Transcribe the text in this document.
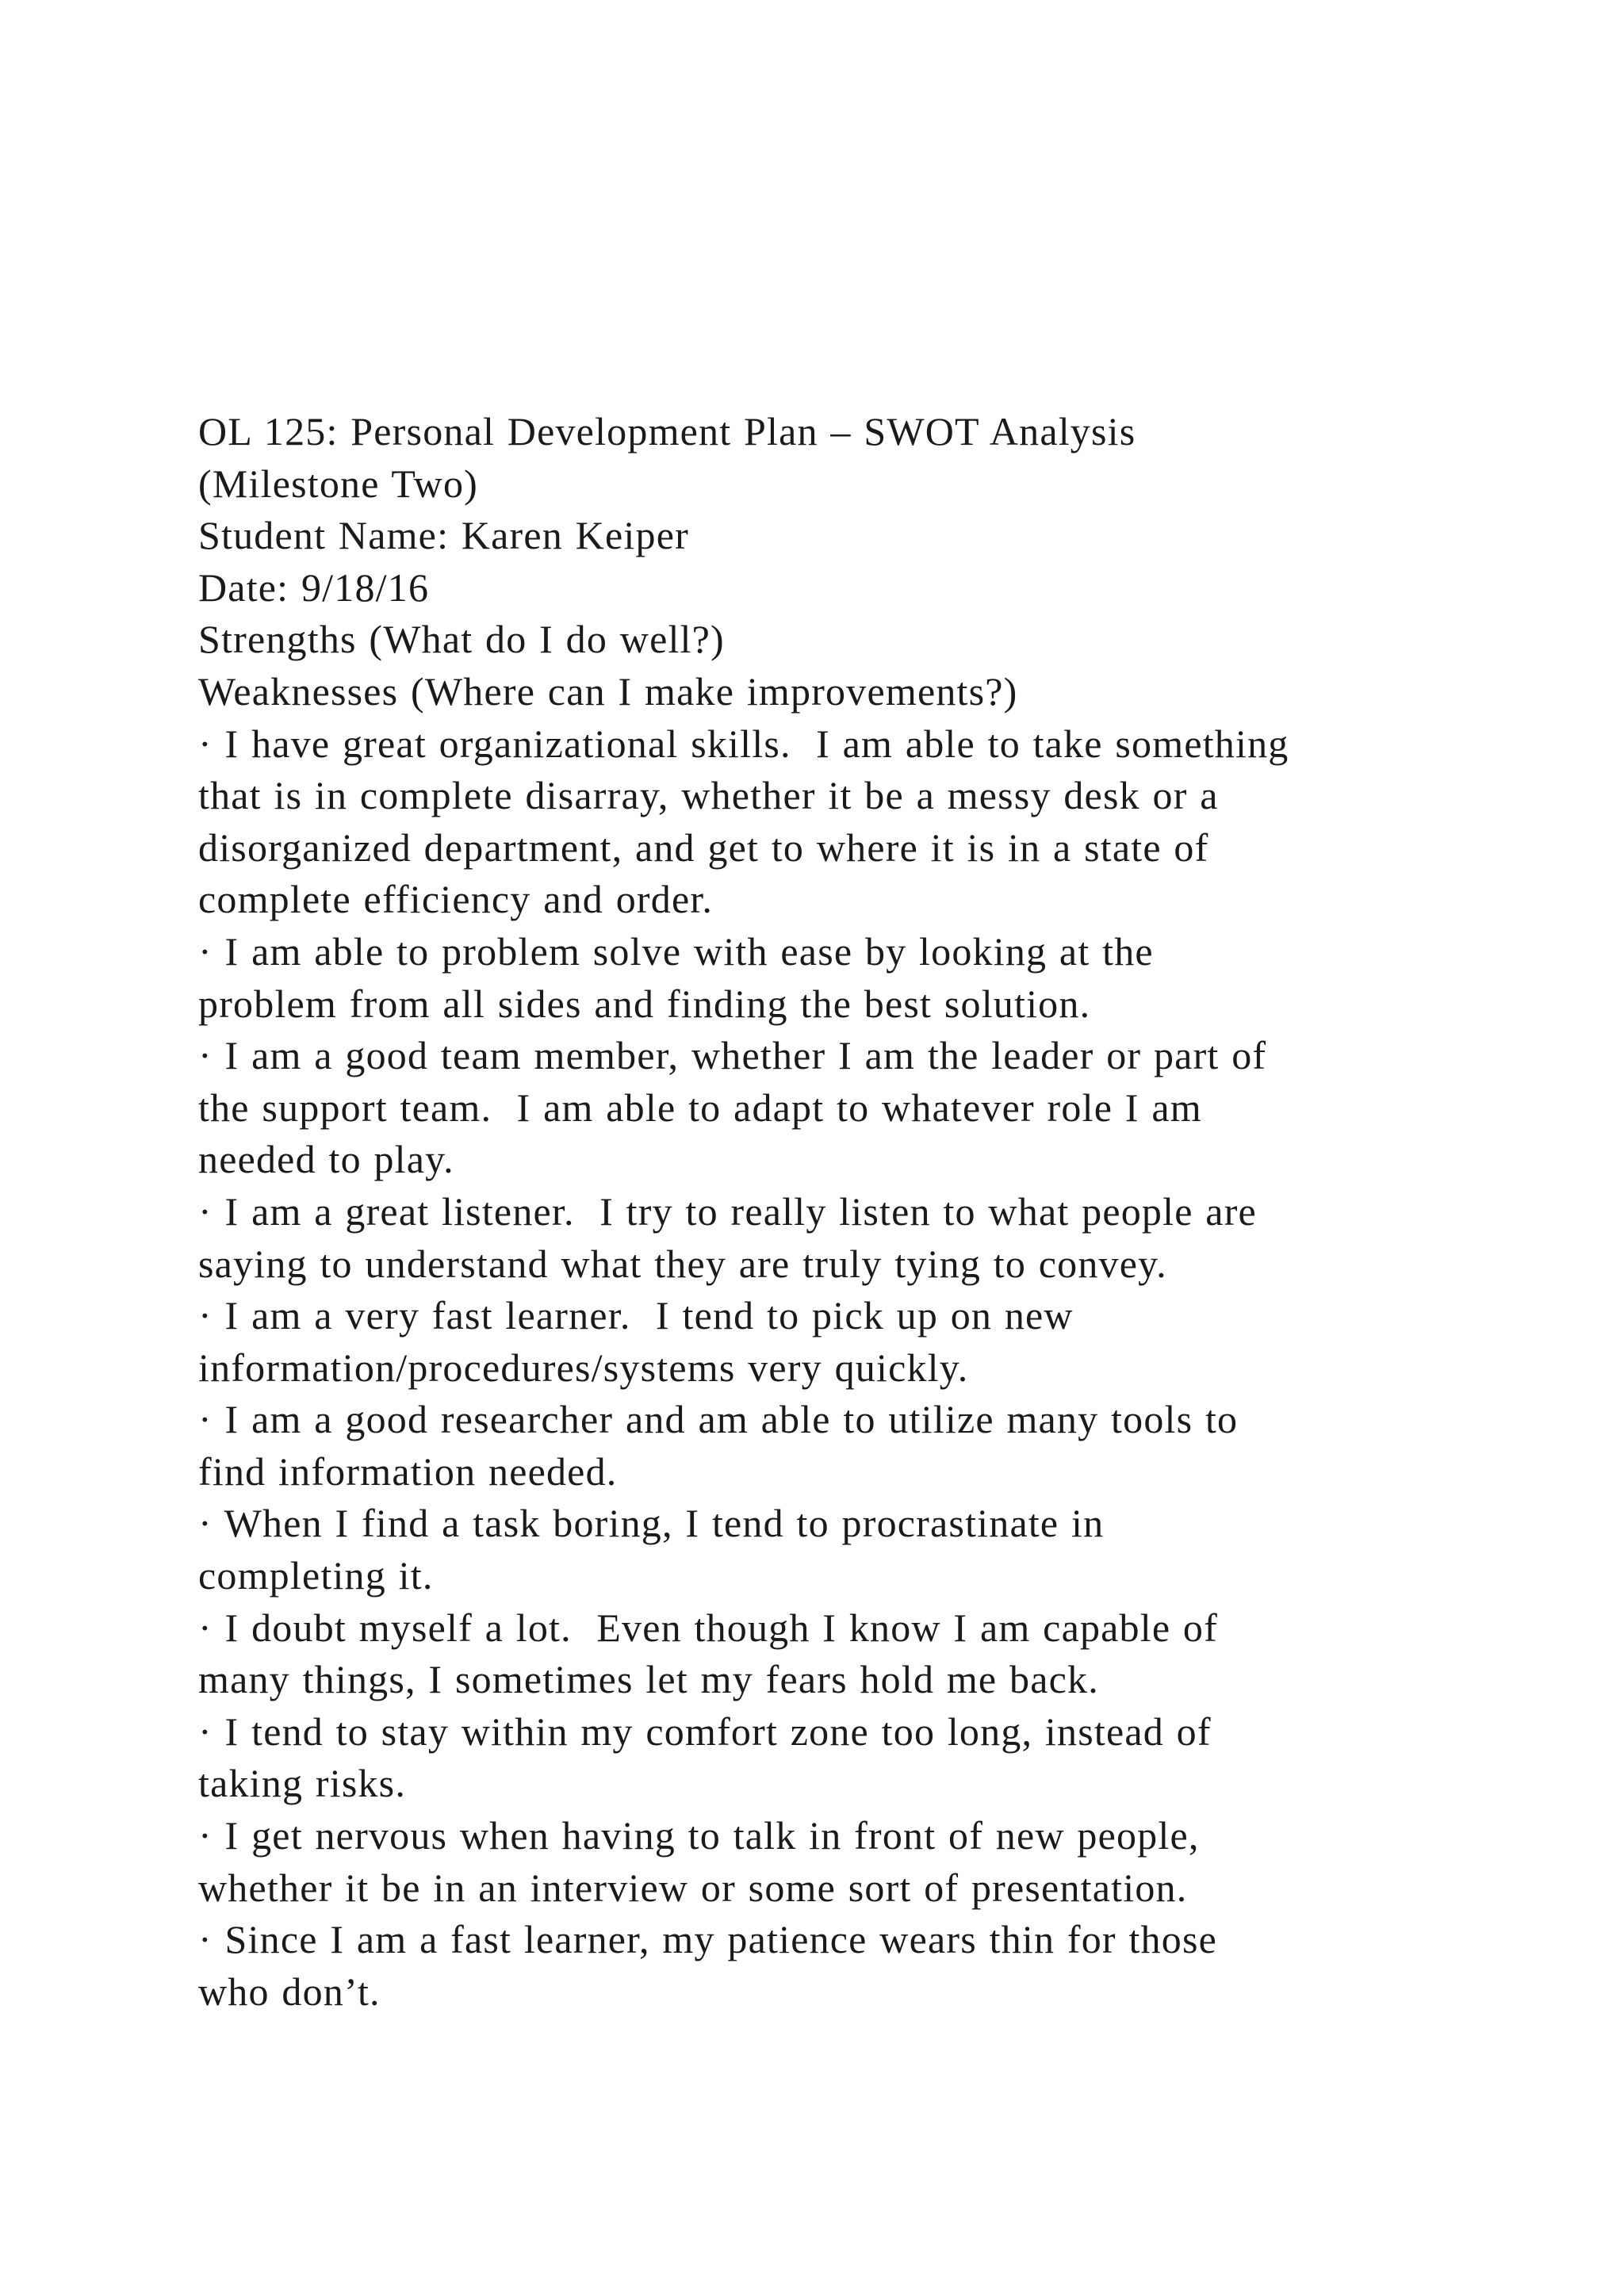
OL 125: Personal Development Plan – SWOT Analysis
(Milestone Two)
Student Name: Karen Keiper
Date: 9/18/16
Strengths (What do I do well?)
Weaknesses (Where can I make improvements?)
· I have great organizational skills.  I am able to take something
that is in complete disarray, whether it be a messy desk or a
disorganized department, and get to where it is in a state of
complete efficiency and order.
· I am able to problem solve with ease by looking at the
problem from all sides and finding the best solution.
· I am a good team member, whether I am the leader or part of
the support team.  I am able to adapt to whatever role I am
needed to play.
· I am a great listener.  I try to really listen to what people are
saying to understand what they are truly tying to convey.
· I am a very fast learner.  I tend to pick up on new
information/procedures/systems very quickly.
· I am a good researcher and am able to utilize many tools to
find information needed.
· When I find a task boring, I tend to procrastinate in
completing it.
· I doubt myself a lot.  Even though I know I am capable of
many things, I sometimes let my fears hold me back.
· I tend to stay within my comfort zone too long, instead of
taking risks.
· I get nervous when having to talk in front of new people,
whether it be in an interview or some sort of presentation.
· Since I am a fast learner, my patience wears thin for those
who don’t.
